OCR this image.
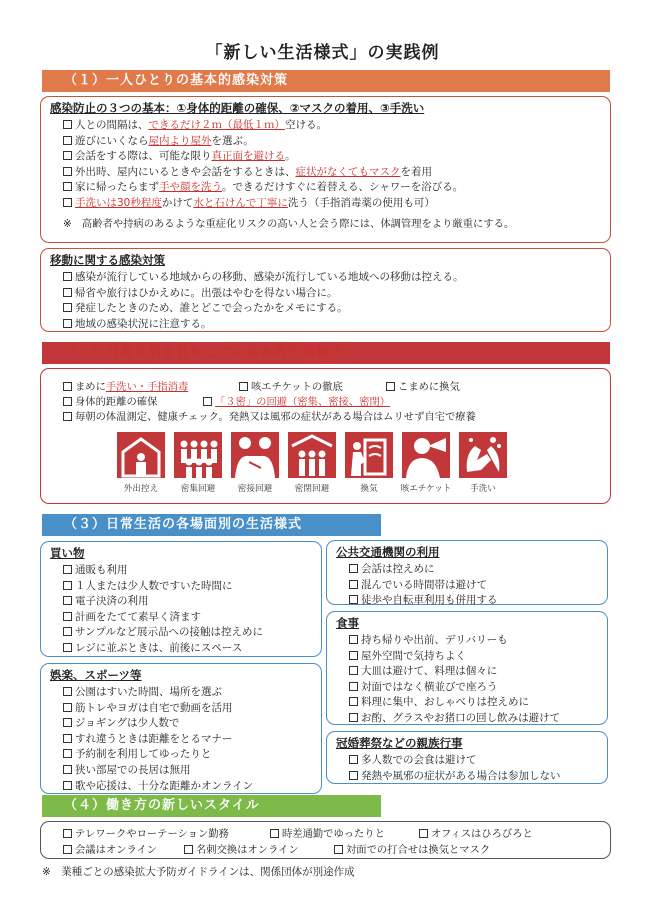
「新しい生活様式」の実践例
（１）一人ひとりの基本的感染対策
感染防止の３つの基本：①身体的距離の確保、②マスクの着用、③手洗い
人との間隔は、できるだけ２ｍ（最低１ｍ）空ける。
遊びにいくなら屋内より屋外を選ぶ。
会話をする際は、可能な限り真正面を避ける。
外出時、屋内にいるときや会話をするときは、症状がなくてもマスクを着用
家に帰ったらまず手や顔を洗う。できるだけすぐに着替える、シャワーを浴びる。
手洗いは30秒程度かけて水と石けんで丁寧に洗う（手指消毒薬の使用も可）
※　高齢者や持病のあるような重症化リスクの高い人と会う際には、体調管理をより厳重にする。
移動に関する感染対策
感染が流行している地域からの移動、感染が流行している地域への移動は控える。
帰省や旅行はひかえめに。出張はやむを得ない場合に。
発症したときのため、誰とどこで会ったかをメモにする。
地域の感染状況に注意する。
（２）日常生活を営む上での基本的生活様式
まめに手洗い・手指消毒	咳エチケットの徹底	こまめに換気
身体的距離の確保	「３密」の回避（密集、密接、密閉）
毎朝の体温測定、健康チェック。発熱又は風邪の症状がある場合はムリせず自宅で療養
外出控え	密集回避	密接回避	密閉回避	換気	咳エチケット	手洗い
（３）日常生活の各場面別の生活様式
買い物
通販も利用
１人または少人数ですいた時間に
電子決済の利用
計画をたてて素早く済ます
サンプルなど展示品への接触は控えめに
レジに並ぶときは、前後にスペース
娯楽、スポーツ等
公園はすいた時間、場所を選ぶ
筋トレやヨガは自宅で動画を活用
ジョギングは少人数で
すれ違うときは距離をとるマナー
予約制を利用してゆったりと
狭い部屋での長居は無用
歌や応援は、十分な距離かオンライン
公共交通機関の利用
会話は控えめに
混んでいる時間帯は避けて
徒歩や自転車利用も併用する
食事
持ち帰りや出前、デリバリーも
屋外空間で気持ちよく
大皿は避けて、料理は個々に
対面ではなく横並びで座ろう
料理に集中、おしゃべりは控えめに
お酌、グラスやお猪口の回し飲みは避けて
冠婚葬祭などの親族行事
多人数での会食は避けて
発熱や風邪の症状がある場合は参加しない
（４）働き方の新しいスタイル
テレワークやローテーション勤務	時差通勤でゆったりと	オフィスはひろびろと
会議はオンライン	名刺交換はオンライン	対面での打合せは換気とマスク
※　業種ごとの感染拡大予防ガイドラインは、関係団体が別途作成
